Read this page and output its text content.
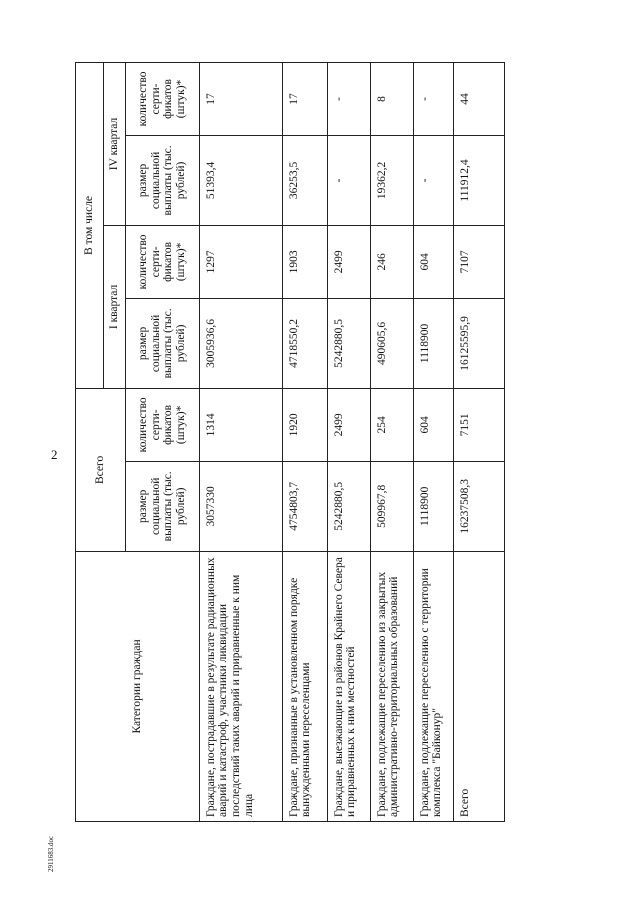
2
2911683.doc
Категории граждан	Всего		В том числе			
			I квартал		IV квартал	
	размер социальной выплаты (тыс. рублей)	количество серти-фикатов (штук)*	размер социальной выплаты (тыс. рублей)	количество серти-фикатов (штук)*	размер социальной выплаты (тыс. рублей)	количество серти-фикатов (штук)*
Граждане, пострадавшие в результате радиационных аварий и катастроф, участники ликвидации последствий таких аварий и приравненные к ним лица	3057330	1314	3005936,6	1297	51393,4	17
Граждане, признанные в установленном порядке вынужденными переселенцами	4754803,7	1920	4718550,2	1903	36253,5	17
Граждане, выезжающие из районов Крайнего Севера и приравненных к ним местностей	5242880,5	2499	5242880,5	2499	-	-
Граждане, подлежащие переселению из закрытых административно-территориальных образований	509967,8	254	490605,6	246	19362,2	8
Граждане, подлежащие переселению с территории комплекса "Байконур"	1118900	604	1118900	604	-	-
Всего	16237508,3	7151	16125595,9	7107	111912,4	44
